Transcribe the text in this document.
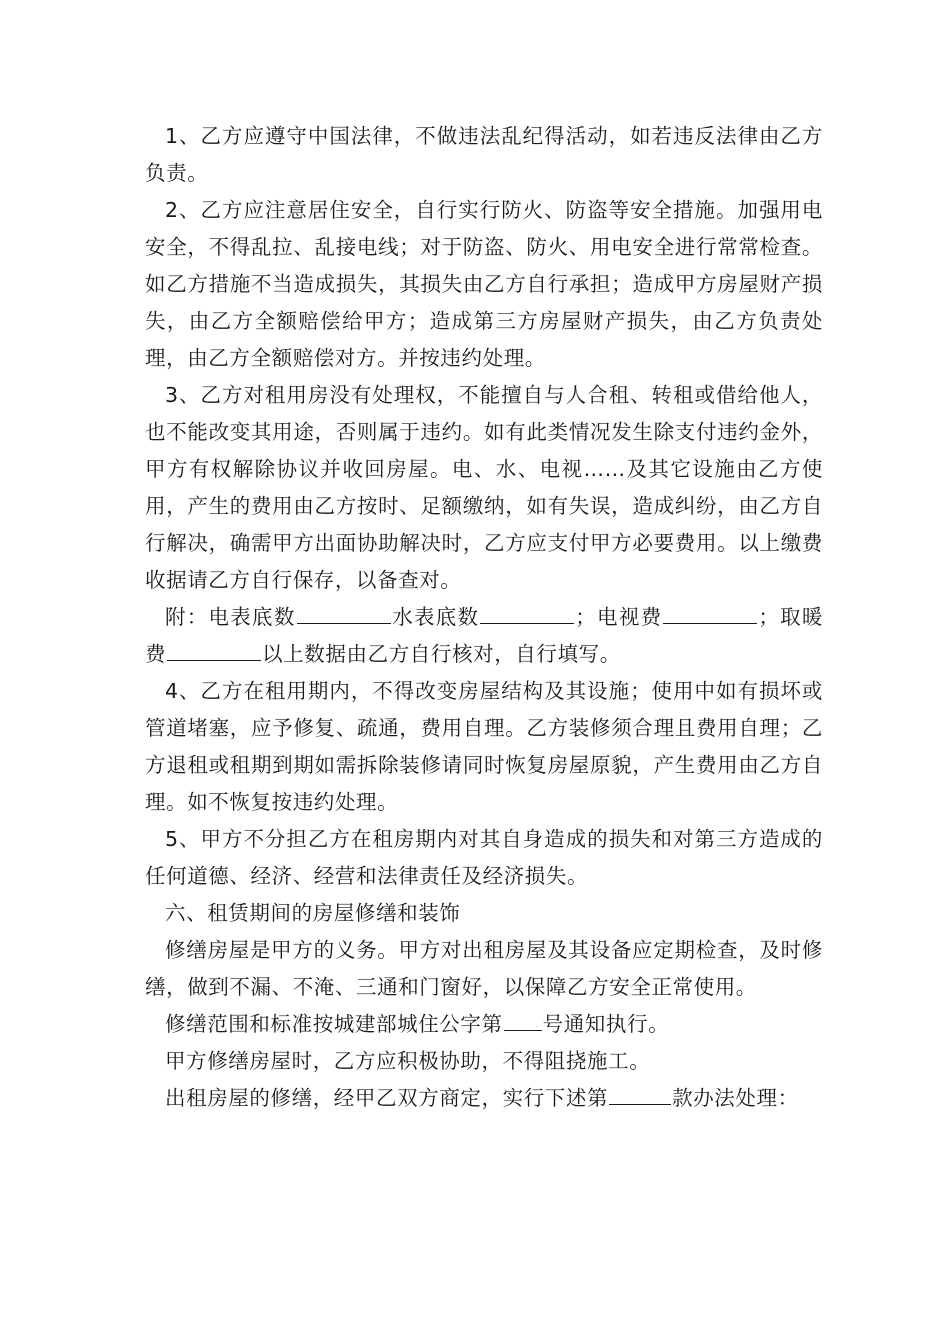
1、乙方应遵守中国法律，不做违法乱纪得活动，如若违反法律由乙方负责。

2、乙方应注意居住安全，自行实行防火、防盗等安全措施。加强用电安全，不得乱拉、乱接电线；对于防盗、防火、用电安全进行常常检查。如乙方措施不当造成损失，其损失由乙方自行承担；造成甲方房屋财产损失，由乙方全额赔偿给甲方；造成第三方房屋财产损失，由乙方负责处理，由乙方全额赔偿对方。并按违约处理。

3、乙方对租用房没有处理权，不能擅自与人合租、转租或借给他人，也不能改变其用途，否则属于违约。如有此类情况发生除支付违约金外，甲方有权解除协议并收回房屋。电、水、电视……及其它设施由乙方使用，产生的费用由乙方按时、足额缴纳，如有失误，造成纠纷，由乙方自行解决，确需甲方出面协助解决时，乙方应支付甲方必要费用。以上缴费收据请乙方自行保存，以备查对。

附：电表底数	水表底数	；电视费	；取暖费	以上数据由乙方自行核对，自行填写。

4、乙方在租用期内，不得改变房屋结构及其设施；使用中如有损坏或管道堵塞，应予修复、疏通，费用自理。乙方装修须合理且费用自理；乙方退租或租期到期如需拆除装修请同时恢复房屋原貌，产生费用由乙方自理。如不恢复按违约处理。

5、甲方不分担乙方在租房期内对其自身造成的损失和对第三方造成的任何道德、经济、经营和法律责任及经济损失。

六、租赁期间的房屋修缮和装饰

修缮房屋是甲方的义务。甲方对出租房屋及其设备应定期检查，及时修缮，做到不漏、不淹、三通和门窗好，以保障乙方安全正常使用。

修缮范围和标准按城建部城住公字第 号通知执行。

甲方修缮房屋时，乙方应积极协助，不得阻挠施工。

出租房屋的修缮，经甲乙双方商定，实行下述第	款办法处理：
